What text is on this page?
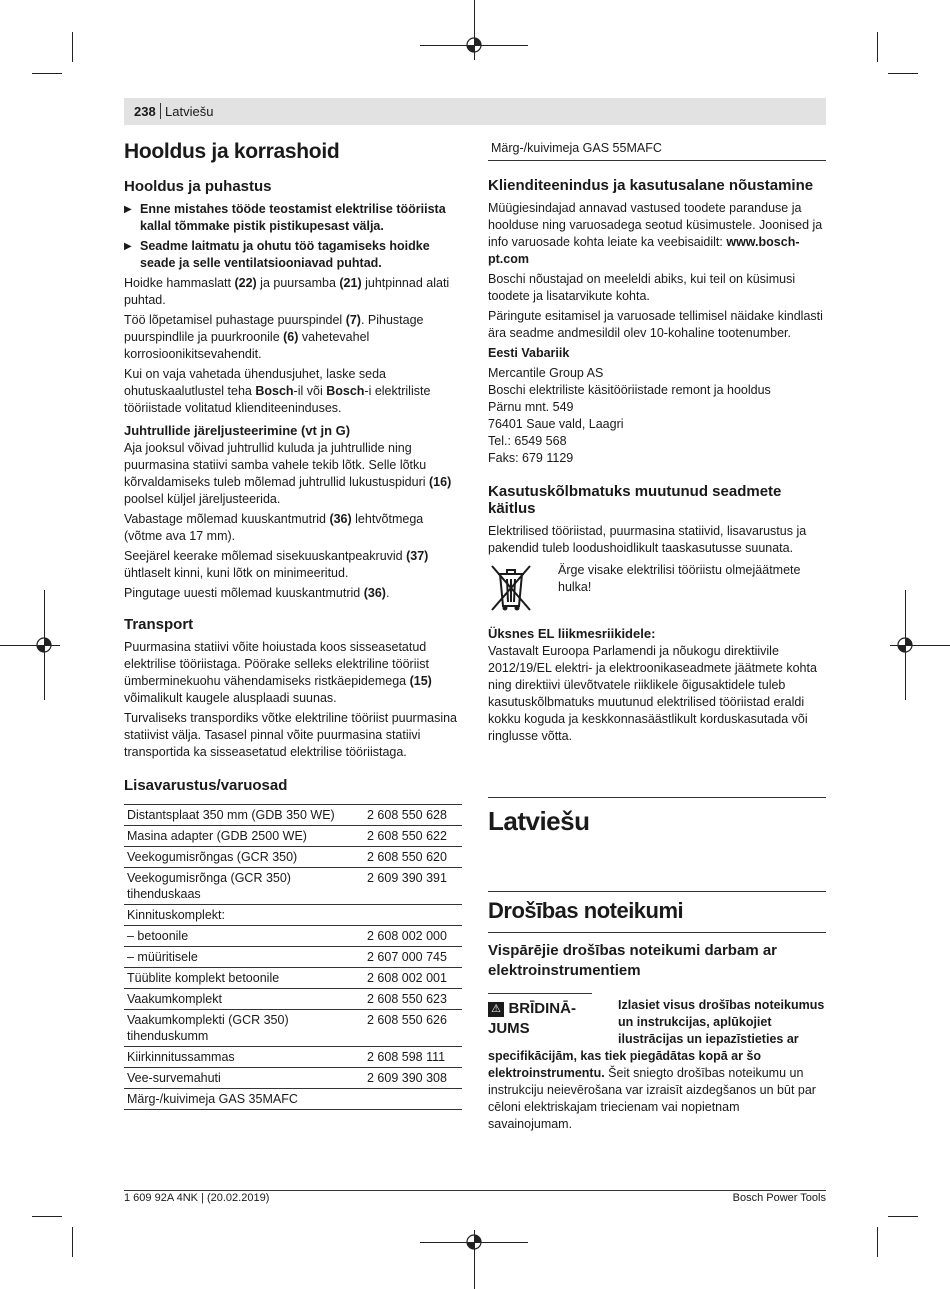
238 Latviešu
Hooldus ja korrashoid
Hooldus ja puhastus
▶ Enne mistahes tööde teostamist elektrilise tööriista kallal tõmmake pistik pistikupesast välja.
▶ Seadme laitmatu ja ohutu töö tagamiseks hoidke seade ja selle ventilatsiooniavad puhtad.

Hoidke hammaslatt (22) ja puursamba (21) juhtpinnad alati puhtad.

Töö lõpetamisel puhastage puurspindel (7). Pihustage puurspindlile ja puurkroonile (6) vahetevahel korrosioonikitsevahendit.

Kui on vaja vahetada ühendusjuhet, laske seda ohutuskaalutlustel teha Bosch-il või Bosch-i elektriliste tööriistade volitatud klienditeeninduses.

Juhtrullide järeljusteerimine (vt jn G)

Aja jooksul võivad juhtrullid kuluda ja juhtrullide ning puurmasina statiivi samba vahele tekib lõtk. Selle lõtku kõrvaldamiseks tuleb mõlemad juhtrullid lukustuspiduri (16) poolsel küljel järeljusteerida.

Vabastage mõlemad kuuskantmutrid (36) lehtvõtmega (võtme ava 17 mm).

Seejärel keerake mõlemad sisekuuskantpeakruvid (37) ühtlaselt kinni, kuni lõtk on minimeeritud.

Pingutage uuesti mõlemad kuuskantmutrid (36).

Transport

Puurmasina statiivi võite hoiustada koos sisseasetatud elektrilise tööriistaga. Pöörake selleks elektriline tööriist ümberminekuohu vähendamiseks ristkäepidemega (15) võimalikult kaugele alusplaadi suunas.

Turvaliseks transpordiks võtke elektriline tööriist puurmasina statiivist välja. Tasasel pinnal võite puurmasina statiivi transportida ka sisseasetatud elektrilise tööriistaga.

Lisavarustus/varuosad
Distantsplaat 350 mm (GDB 350 WE)	2 608 550 628
Masina adapter (GDB 2500 WE)	2 608 550 622
Veekogumisrõngas (GCR 350)	2 608 550 620
Veekogumisrõnga (GCR 350) tihenduskaas	2 609 390 391
Kinnituskomplekt:	
– betoonile	2 608 002 000
– müüritisele	2 607 000 745
Tüüblite komplekt betoonile	2 608 002 001
Vaakumkomplekt	2 608 550 623
Vaakumkomplekti (GCR 350) tihenduskumm	2 608 550 626
Kiirkinnitussammas	2 608 598 111
Vee-survemahuti	2 609 390 308
Märg-/kuivimeja GAS 35MAFC	
Märg-/kuivimeja GAS 55MAFC
Klienditeenindus ja kasutusalane nõustamine

Müügiesindajad annavad vastused toodete paranduse ja hoolduse ning varuosadega seotud küsimustele. Joonised ja info varuosade kohta leiate ka veebisaidilt: www.bosch-pt.com

Boschi nõustajad on meeleldi abiks, kui teil on küsimusi toodete ja lisatarvikute kohta.

Päringute esitamisel ja varuosade tellimisel näidake kindlasti ära seadme andmesildil olev 10-kohaline tootenumber.

Eesti Vabariik

Mercantile Group AS

Boschi elektriliste käsitööriistade remont ja hooldus

Pärnu mnt. 549

76401 Saue vald, Laagri

Tel.: 6549 568

Faks: 679 1129

Kasutuskõlbmatuks muutunud seadmete käitlus

Elektrilised tööriistad, puurmasina statiivid, lisavarustus ja pakendid tuleb loodushoidlikult taaskasutusse suunata.

Ärge visake elektrilisi tööriistu olmejäätmete hulka!

Üksnes EL liikmesriikidele:

Vastavalt Euroopa Parlamendi ja nõukogu direktiivile 2012/19/EL elektri- ja elektroonikaseadmete jäätmete kohta ning direktiivi ülevõtvatele riiklikele õigusaktidele tuleb kasutuskõlbmatuks muutunud elektrilised tööriistad eraldi kokku koguda ja keskkonnasäästlikult korduskasutada või ringlusse võtta.

Latviešu
Drošības noteikumi
Vispārējie drošības noteikumi darbam ar elektroinstrumentiem
⚠ BRĪDINĀ-
JUMS

Izlasiet visus drošības noteikumus un instrukcijas, aplūkojiet ilustrācijas un iepazīstieties ar specifikācijām, kas tiek piegādātas kopā ar šo elektroinstrumentu. Šeit sniegto drošības noteikumu un instrukciju neievērošana var izraisīt aizdegšanos un būt par cēloni elektriskajam triecienam vai nopietnam savainojumam.

1 609 92A 4NK | (20.02.2019)	Bosch Power Tools
